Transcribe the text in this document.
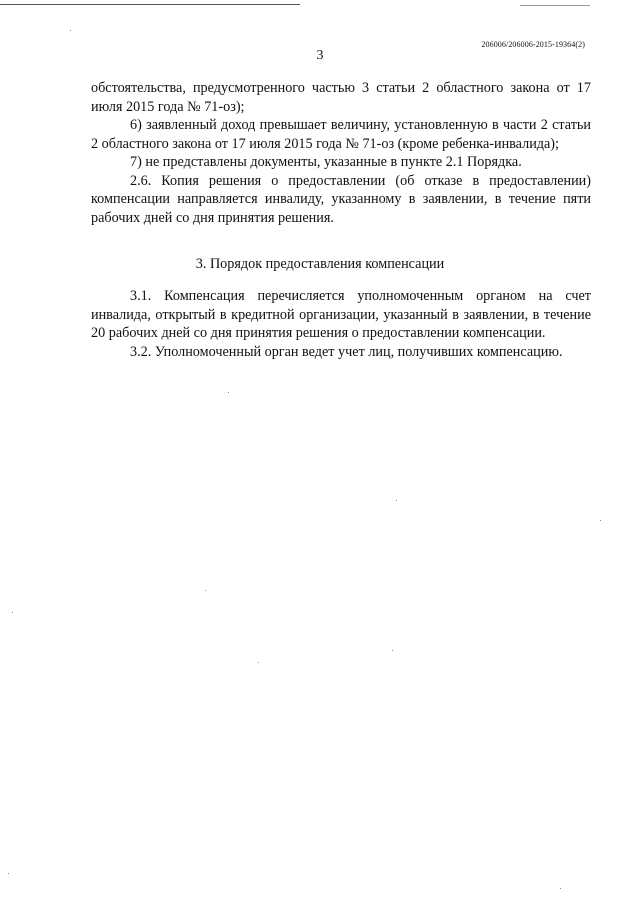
206006/206006-2015-19364(2)
3

обстоятельства, предусмотренного частью 3 статьи 2 областного закона от 17 июля 2015 года № 71-оз);

6) заявленный доход превышает величину, установленную в части 2 статьи 2 областного закона от 17 июля 2015 года № 71-оз (кроме ребенка-инвалида);

7) не представлены документы, указанные в пункте 2.1 Порядка.

2.6. Копия решения о предоставлении (об отказе в предоставлении) компенсации направляется инвалиду, указанному в заявлении, в течение пяти рабочих дней со дня принятия решения.

3. Порядок предоставления компенсации

3.1. Компенсация перечисляется уполномоченным органом на счет инвалида, открытый в кредитной организации, указанный в заявлении, в течение 20 рабочих дней со дня принятия решения о предоставлении компенсации.

3.2. Уполномоченный орган ведет учет лиц, получивших компенсацию.
